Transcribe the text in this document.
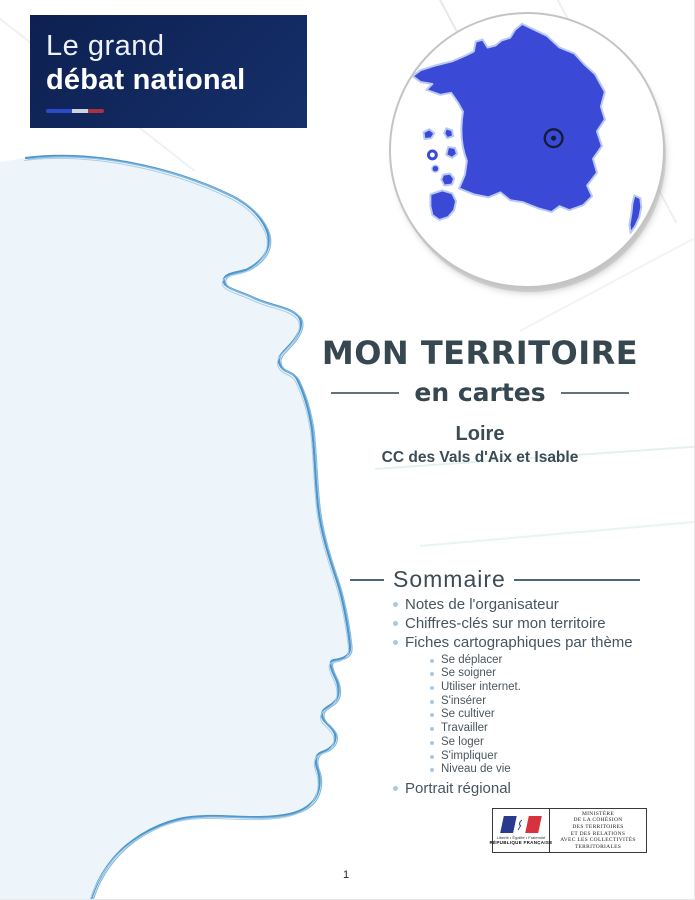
Le grand
débat national
MON TERRITOIRE
en cartes
Loire
CC des Vals d'Aix et Isable
Sommaire
Notes de l'organisateur
Chiffres-clés sur mon territoire
Fiches cartographiques par thème
Se déplacer
Se soigner
Utiliser internet.
S'insérer
Se cultiver
Travailler
Se loger
S'impliquer
Niveau de vie
Portrait régional
Liberté • Égalité • Fraternité
RÉPUBLIQUE FRANÇAISE
MINISTÈRE
DE LA COHÉSION
DES TERRITOIRES
ET DES RELATIONS
AVEC LES COLLECTIVITÉS
TERRITORIALES
1
